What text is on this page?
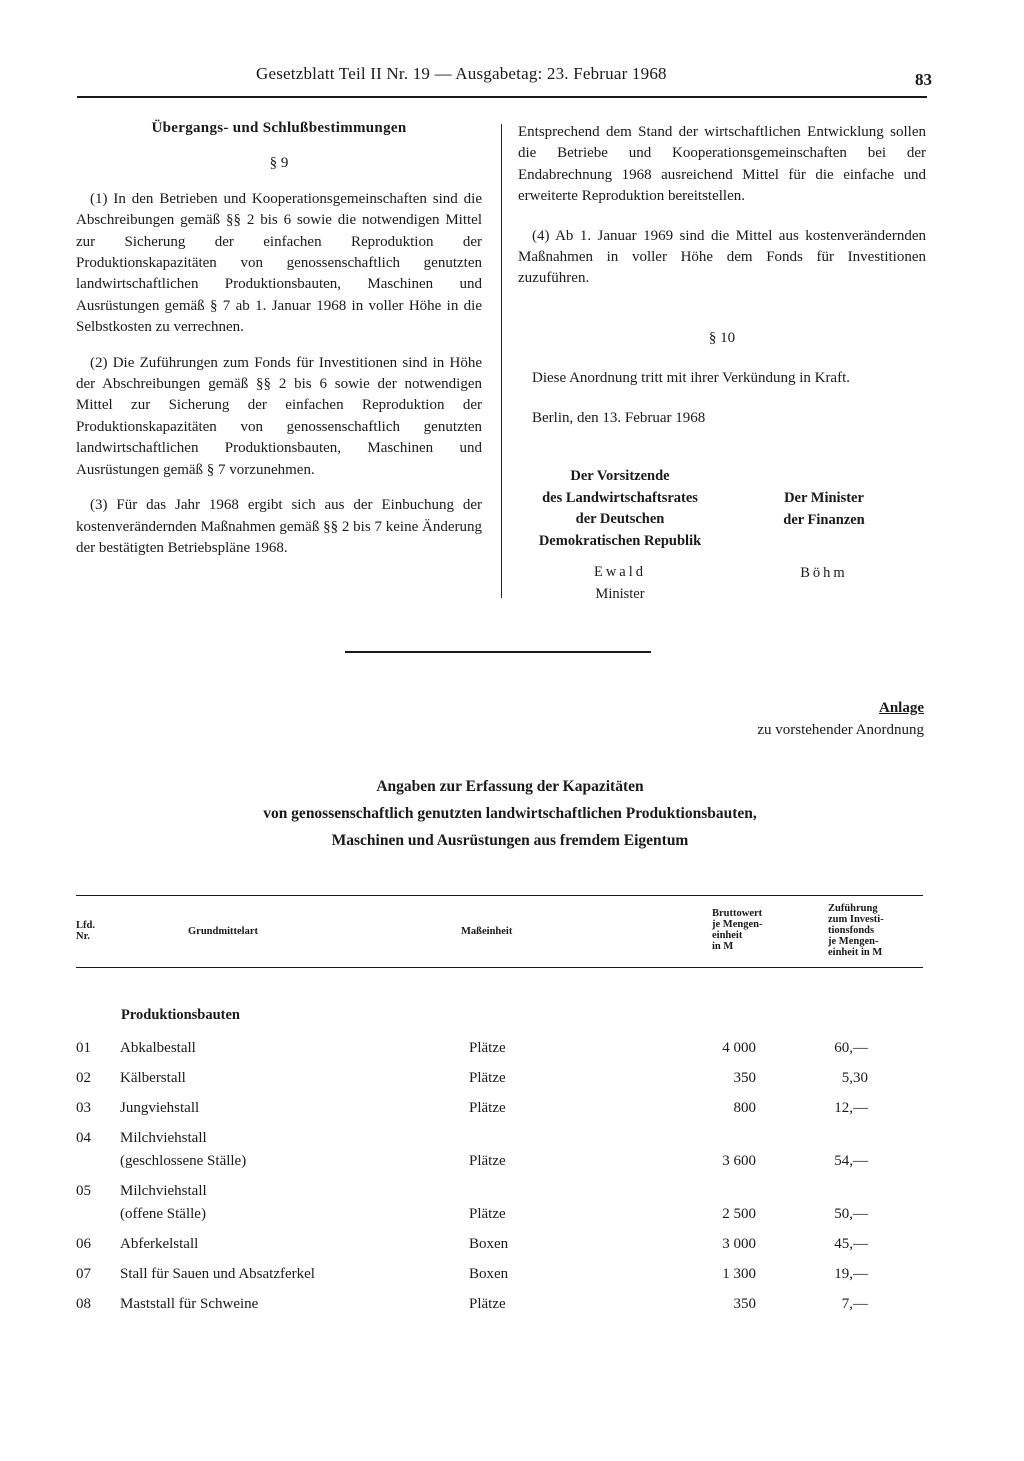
Gesetzblatt Teil II Nr. 19 — Ausgabetag: 23. Februar 1968	83

Übergangs- und Schlußbestimmungen

§ 9

(1) In den Betrieben und Kooperationsgemeinschaften sind die Abschreibungen gemäß §§ 2 bis 6 sowie die notwendigen Mittel zur Sicherung der einfachen Reproduktion der Produktionskapazitäten von genossenschaftlich genutzten landwirtschaftlichen Produktionsbauten, Maschinen und Ausrüstungen gemäß § 7 ab 1. Januar 1968 in voller Höhe in die Selbstkosten zu verrechnen.

(2) Die Zuführungen zum Fonds für Investitionen sind in Höhe der Abschreibungen gemäß §§ 2 bis 6 sowie der notwendigen Mittel zur Sicherung der einfachen Reproduktion der Produktionskapazitäten von genossenschaftlich genutzten landwirtschaftlichen Produktionsbauten, Maschinen und Ausrüstungen gemäß § 7 vorzunehmen.

(3) Für das Jahr 1968 ergibt sich aus der Einbuchung der kostenverändernden Maßnahmen gemäß §§ 2 bis 7 keine Änderung der bestätigten Betriebspläne 1968.

Entsprechend dem Stand der wirtschaftlichen Entwicklung sollen die Betriebe und Kooperationsgemeinschaften bei der Endabrechnung 1968 ausreichend Mittel für die einfache und erweiterte Reproduktion bereitstellen.

(4) Ab 1. Januar 1969 sind die Mittel aus kostenverändernden Maßnahmen in voller Höhe dem Fonds für Investitionen zuzuführen.

§ 10

Diese Anordnung tritt mit ihrer Verkündung in Kraft.

Berlin, den 13. Februar 1968

Der Vorsitzende
des Landwirtschaftsrates
der Deutschen
Demokratischen Republik
Der Minister
der Finanzen
Ewald
Minister
Böhm
Anlage
zu vorstehender Anordnung
Angaben zur Erfassung der Kapazitäten
von genossenschaftlich genutzten landwirtschaftlichen Produktionsbauten,
Maschinen und Ausrüstungen aus fremdem Eigentum
Lfd.
Nr.	Grundmittelart	Maßeinheit
Bruttowert
je Mengen-
einheit
in M
Zuführung
zum Investi-
tionsfonds
je Mengen-
einheit in M
Produktionsbauten
01	Abkalbestall	Plätze	4 000	60,—
02	Kälberstall	Plätze	350	5,30
03	Jungviehstall	Plätze	800	12,—
04	Milchviehstall
(geschlossene Ställe)	Plätze	3 600	54,—
05	Milchviehstall
(offene Ställe)	Plätze	2 500	50,—
06	Abferkelstall	Boxen	3 000	45,—
07	Stall für Sauen und Absatzferkel	Boxen	1 300	19,—
08	Maststall für Schweine	Plätze	350	7,—
